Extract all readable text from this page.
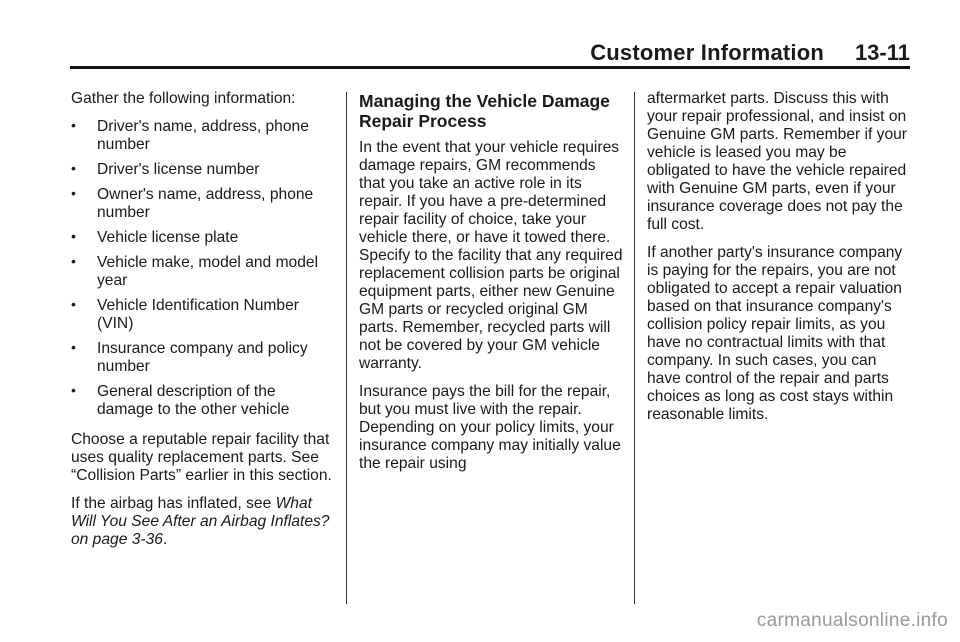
Customer Information 13-11

Gather the following information:

• Driver's name, address, phone number
• Driver's license number
• Owner's name, address, phone number
• Vehicle license plate
• Vehicle make, model and model year
• Vehicle Identification Number (VIN)
• Insurance company and policy number
• General description of the damage to the other vehicle

Choose a reputable repair facility that uses quality replacement parts. See “Collision Parts” earlier in this section.

If the airbag has inflated, see What Will You See After an Airbag Inflates? on page 3-36.

Managing the Vehicle Damage Repair Process

In the event that your vehicle requires damage repairs, GM recommends that you take an active role in its repair. If you have a pre-determined repair facility of choice, take your vehicle there, or have it towed there. Specify to the facility that any required replacement collision parts be original equipment parts, either new Genuine GM parts or recycled original GM parts. Remember, recycled parts will not be covered by your GM vehicle warranty.

Insurance pays the bill for the repair, but you must live with the repair. Depending on your policy limits, your insurance company may initially value the repair using

aftermarket parts. Discuss this with your repair professional, and insist on Genuine GM parts. Remember if your vehicle is leased you may be obligated to have the vehicle repaired with Genuine GM parts, even if your insurance coverage does not pay the full cost.

If another party's insurance company is paying for the repairs, you are not obligated to accept a repair valuation based on that insurance company's collision policy repair limits, as you have no contractual limits with that company. In such cases, you can have control of the repair and parts choices as long as cost stays within reasonable limits.

carmanualsonline.info
